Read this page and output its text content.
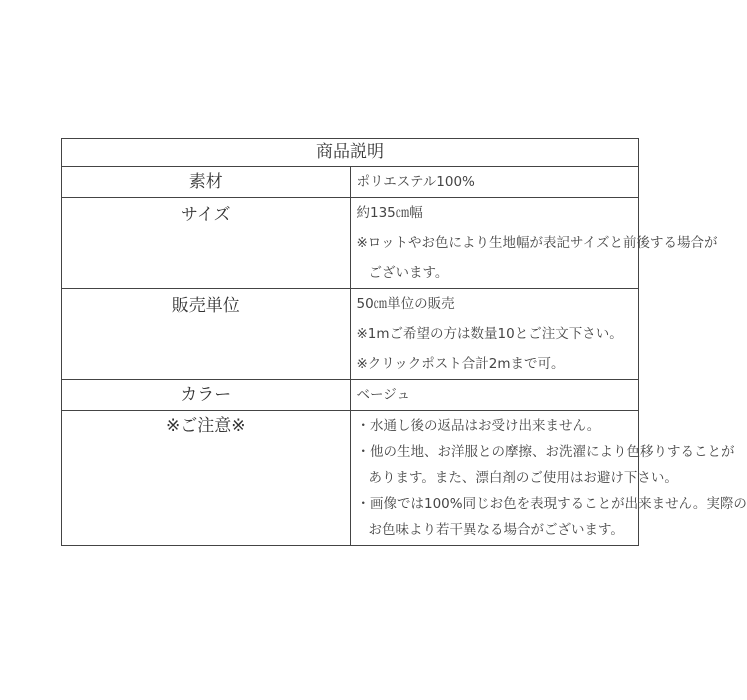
商品説明	
素材	ポリエステル100%

サイズ	約135㎝幅
※ロットやお色により生地幅が表記サイズと前後する場合が
ございます。

販売単位	50㎝単位の販売
※1mご希望の方は数量10とご注文下さい。
※クリックポスト合計2mまで可。

カラー	ベージュ

※ご注意※	・水通し後の返品はお受け出来ません。
・他の生地、お洋服との摩擦、お洗濯により色移りすることが
あります。また、漂白剤のご使用はお避け下さい。
・画像では100%同じお色を表現することが出来ません。実際の
お色味より若干異なる場合がございます。
